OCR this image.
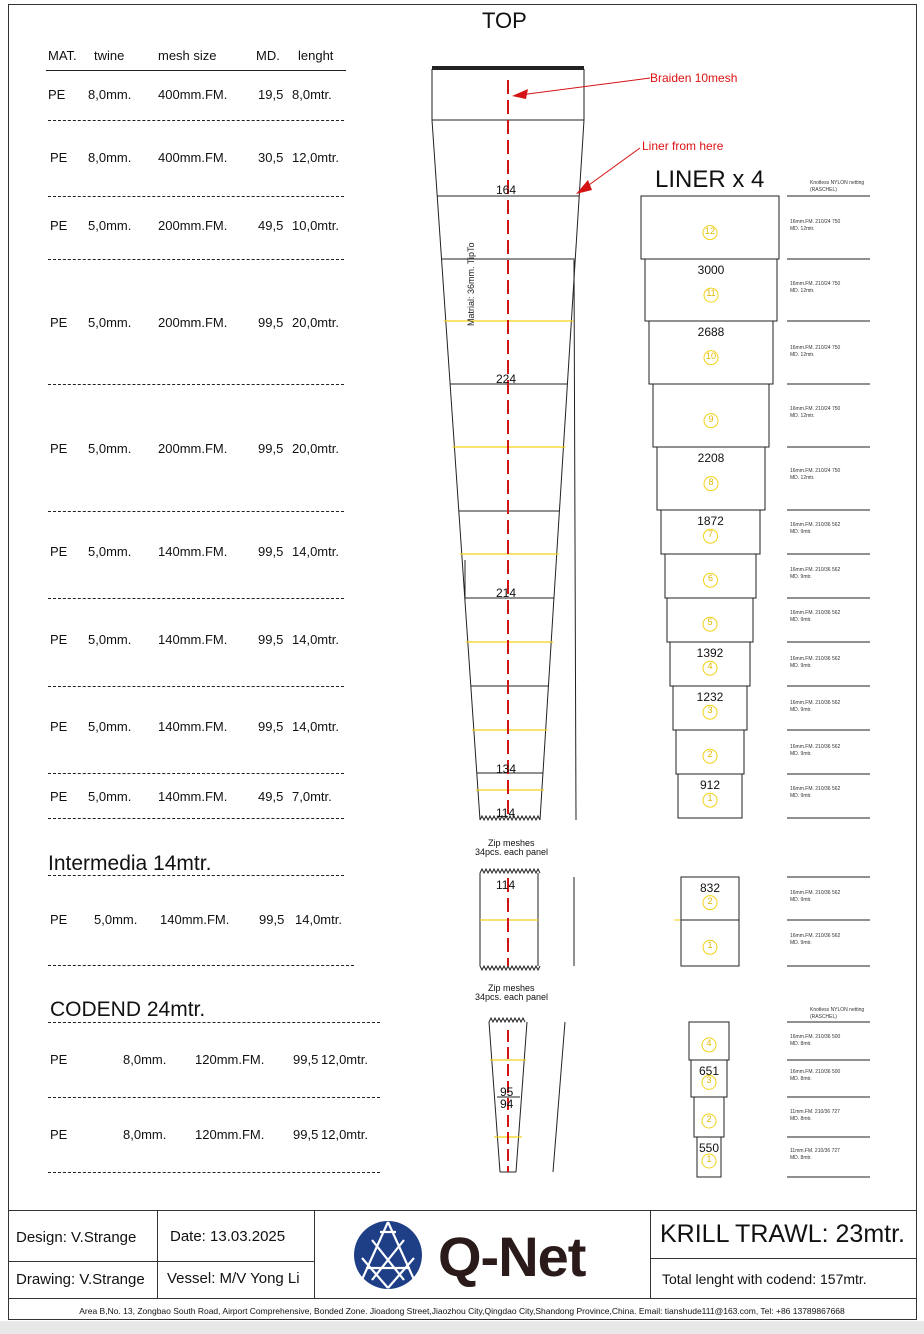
TOP
MAT. twine	mesh size	MD. lenght
PE 8,0mm. 400mm.FM. 19,5 8,0mtr.
PE 8,0mm. 400mm.FM. 30,5 12,0mtr.
PE 5,0mm. 200mm.FM. 49,5 10,0mtr.
PE 5,0mm. 200mm.FM. 99,5 20,0mtr.
PE 5,0mm. 200mm.FM. 99,5 20,0mtr.
PE 5,0mm. 140mm.FM. 99,5 14,0mtr.
PE 5,0mm. 140mm.FM. 99,5 14,0mtr.
PE 5,0mm. 140mm.FM. 99,5 14,0mtr.
PE 5,0mm. 140mm.FM. 49,5 7,0mtr.
Intermedia 14mtr.
PE 5,0mm. 140mm.FM. 99,5 14,0mtr.
CODEND 24mtr.
PE	8,0mm. 120mm.FM. 99,5 12,0mtr.
PE	8,0mm. 120mm.FM. 99,5 12,0mtr.
Braiden 10mesh
Liner from here
Matrial: 36mm. TipTo
Zip meshes
34pcs. each panel
Zip meshes
34pcs. each panel
164
224
214
134
114
114
95
94
LINER x 4	Knotless NYLON netting (RASCHEL)
Knotless NYLON netting (RASCHEL)
12
16mm.FM. 210/24 750 MD. 12mtr.
11
3000
16mm.FM. 210/24 750 MD. 12mtr.
10
2688
16mm.FM. 210/24 750 MD. 12mtr.
9
16mm.FM. 210/24 750 MD. 12mtr.
8
2208
16mm.FM. 210/24 750 MD. 12mtr.
7
1872	16mm.FM. 210/36 562 MD. 9mtr.
6
16mm.FM. 210/36 562 MD. 9mtr.
5
16mm.FM. 210/36 562 MD. 9mtr.
4
1392	16mm.FM. 210/36 562 MD. 9mtr.
3
1232	16mm.FM. 210/36 562 MD. 9mtr.
2
16mm.FM. 210/36 562 MD. 9mtr.
1
912	16mm.FM. 210/36 562 MD. 9mtr.
2
832	16mm.FM. 210/36 562 MD. 9mtr.
1
16mm.FM. 210/36 562 MD. 9mtr.
4
16mm.FM. 210/36 500 MD. 8mtr.
3
651	16mm.FM. 210/36 500 MD. 8mtr.
2
11mm.FM. 210/36 727 MD. 8mtr.
1
550	11mm.FM. 210/36 727 MD. 8mtr.
Design: V.Strange
Drawing: V.Strange
Date: 13.03.2025
Vessel: M/V Yong Li Q-Net	KRILL TRAWL: 23mtr.
Total lenght with codend: 157mtr.
Area B,No. 13, Zongbao South Road, Airport Comprehensive, Bonded Zone. Jioadong Street,Jiaozhou City,Qingdao City,Shandong Province,China. Email: tianshude111@163.com, Tel: +86 13789867668
